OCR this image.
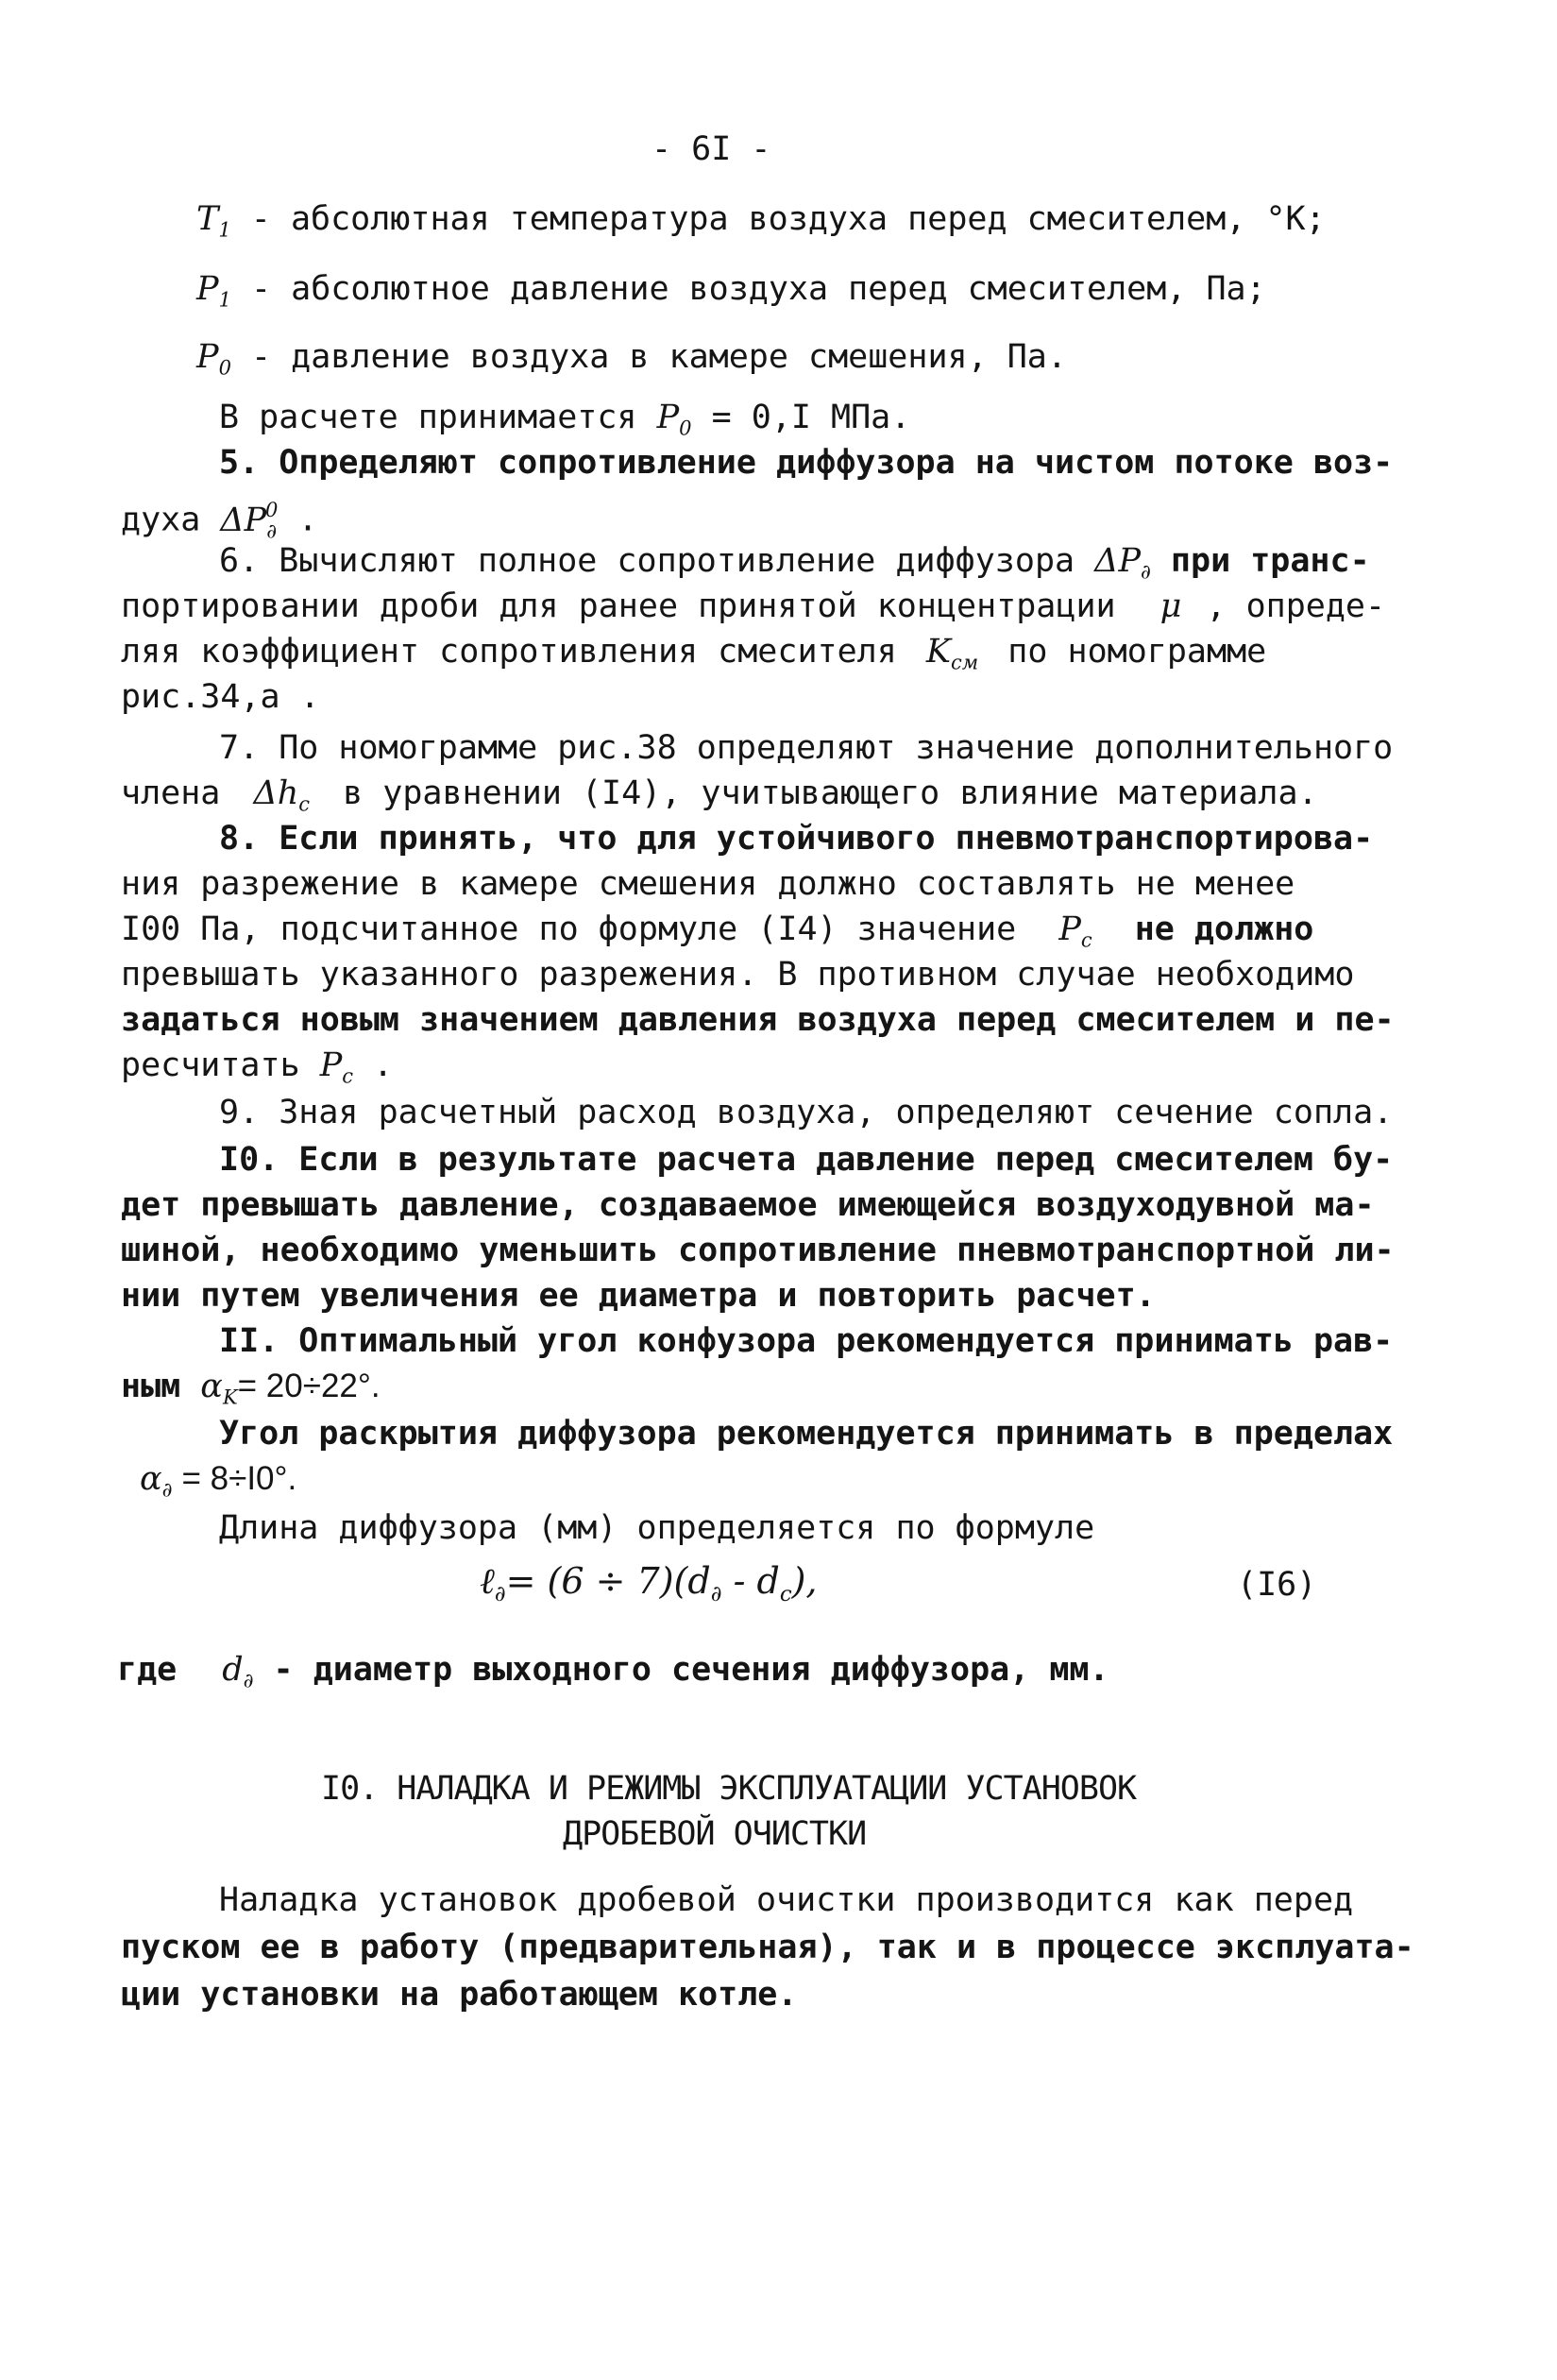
- 6I -
$T_1$ - абсолютная температура воздуха перед смесителем, °К;
$P_1$ - абсолютное давление воздуха перед смесителем, Па;
$P_0$ - давление воздуха в камере смешения, Па.
В расчете принимается $P_0 = 0,I$ МПа.
5. Определяют сопротивление диффузора на чистом потоке воз-
духа $\Delta P_\partial^0$ .
6. Вычисляют полное сопротивление диффузора $\Delta P_\partial$ при транс-
портировании дроби для ранее принятой концентрации μ , опреде-
ляя коэффициент сопротивления смесителя $K_{см}$ по номограмме
рис.34,а .
7. По номограмме рис.38 определяют значение дополнительного
члена $\Delta h_c$ в уравнении (I4), учитывающего влияние материала.
8. Если принять, что для устойчивого пневмотранспортирова-
ния разрежение в камере смешения должно составлять не менее
I00 Па, подсчитанное по формуле (I4) значение $P_c$ не должно
превышать указанного разрежения. В противном случае необходимо
задаться новым значением давления воздуха перед смесителем и пе-
ресчитать $P_c$ .
9. Зная расчетный расход воздуха, определяют сечение сопла.
I0. Если в результате расчета давление перед смесителем бу-
дет превышать давление, создаваемое имеющейся воздуходувной ма-
шиной, необходимо уменьшить сопротивление пневмотранспортной ли-
нии путем увеличения ее диаметра и повторить расчет.
II. Оптимальный угол конфузора рекомендуется принимать рав-
ным $\alpha_K= 20\div 22^\circ$.
Угол раскрытия диффузора рекомендуется принимать в пределах
$\alpha_\partial = 8\div I0^\circ$.
Длина диффузора (мм) определяется по формуле
ℓ$_\partial$= $(6 \div 7)(d_\partial - d_c)$,	(I6)
где $d_\partial$ - диаметр выходного сечения диффузора, мм.
I0. НАЛАДКА И РЕЖИМЫ ЭКСПЛУАТАЦИИ УСТАНОВОК
ДРОБЕВОЙ ОЧИСТКИ
Наладка установок дробевой очистки производится как перед
пуском ее в работу (предварительная), так и в процессе эксплуата-
ции установки на работающем котле.
